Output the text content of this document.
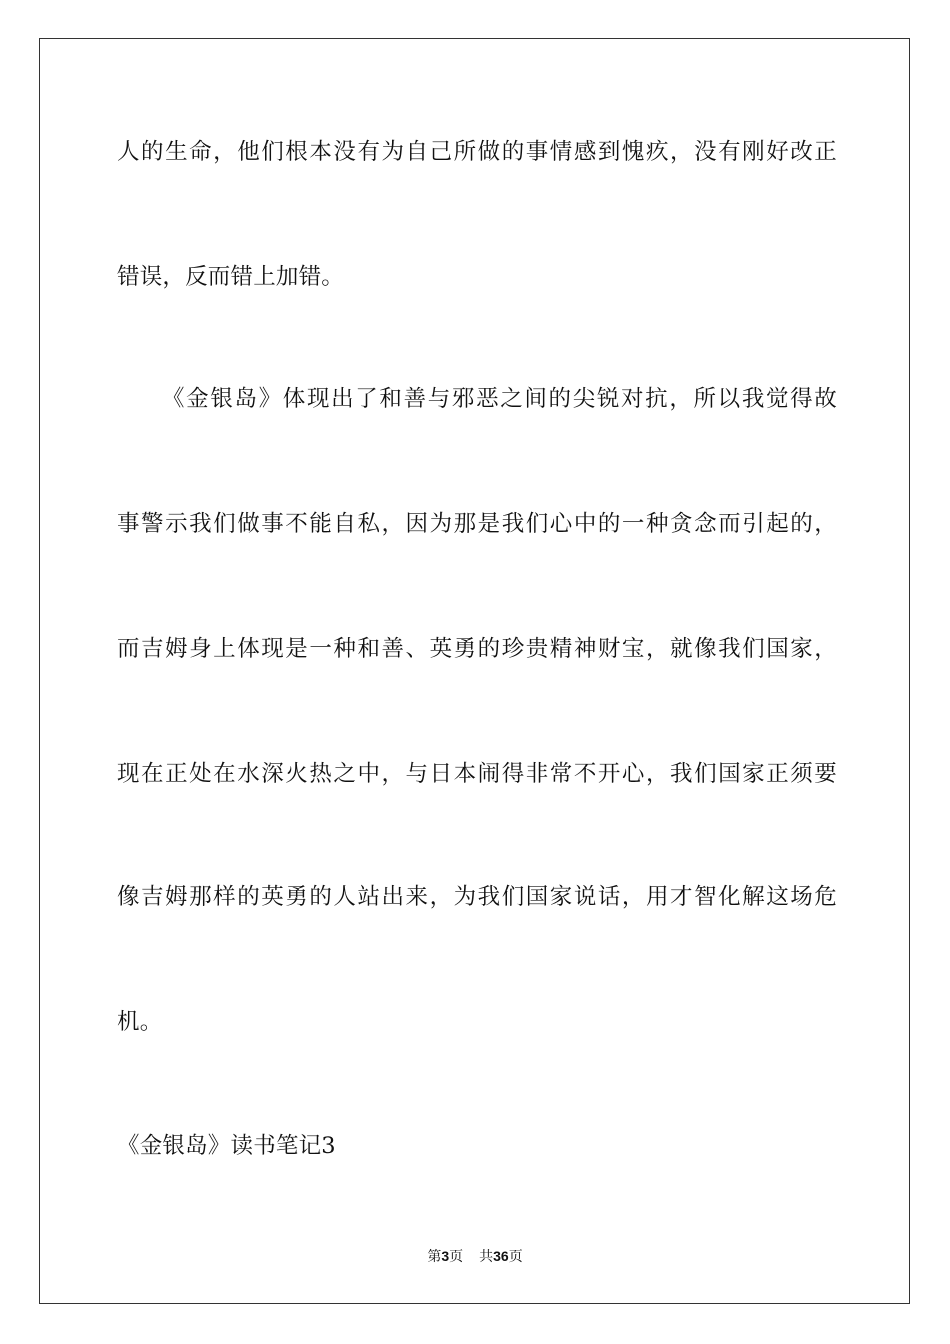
人的生命，他们根本没有为自己所做的事情感到愧疚，没有刚好改正
错误，反而错上加错。
《金银岛》体现出了和善与邪恶之间的尖锐对抗，所以我觉得故
事警示我们做事不能自私，因为那是我们心中的一种贪念而引起的，
而吉姆身上体现是一种和善、英勇的珍贵精神财宝，就像我们国家，
现在正处在水深火热之中，与日本闹得非常不开心，我们国家正须要
像吉姆那样的英勇的人站出来，为我们国家说话，用才智化解这场危
机。
《金银岛》读书笔记3
第3页 共36页
